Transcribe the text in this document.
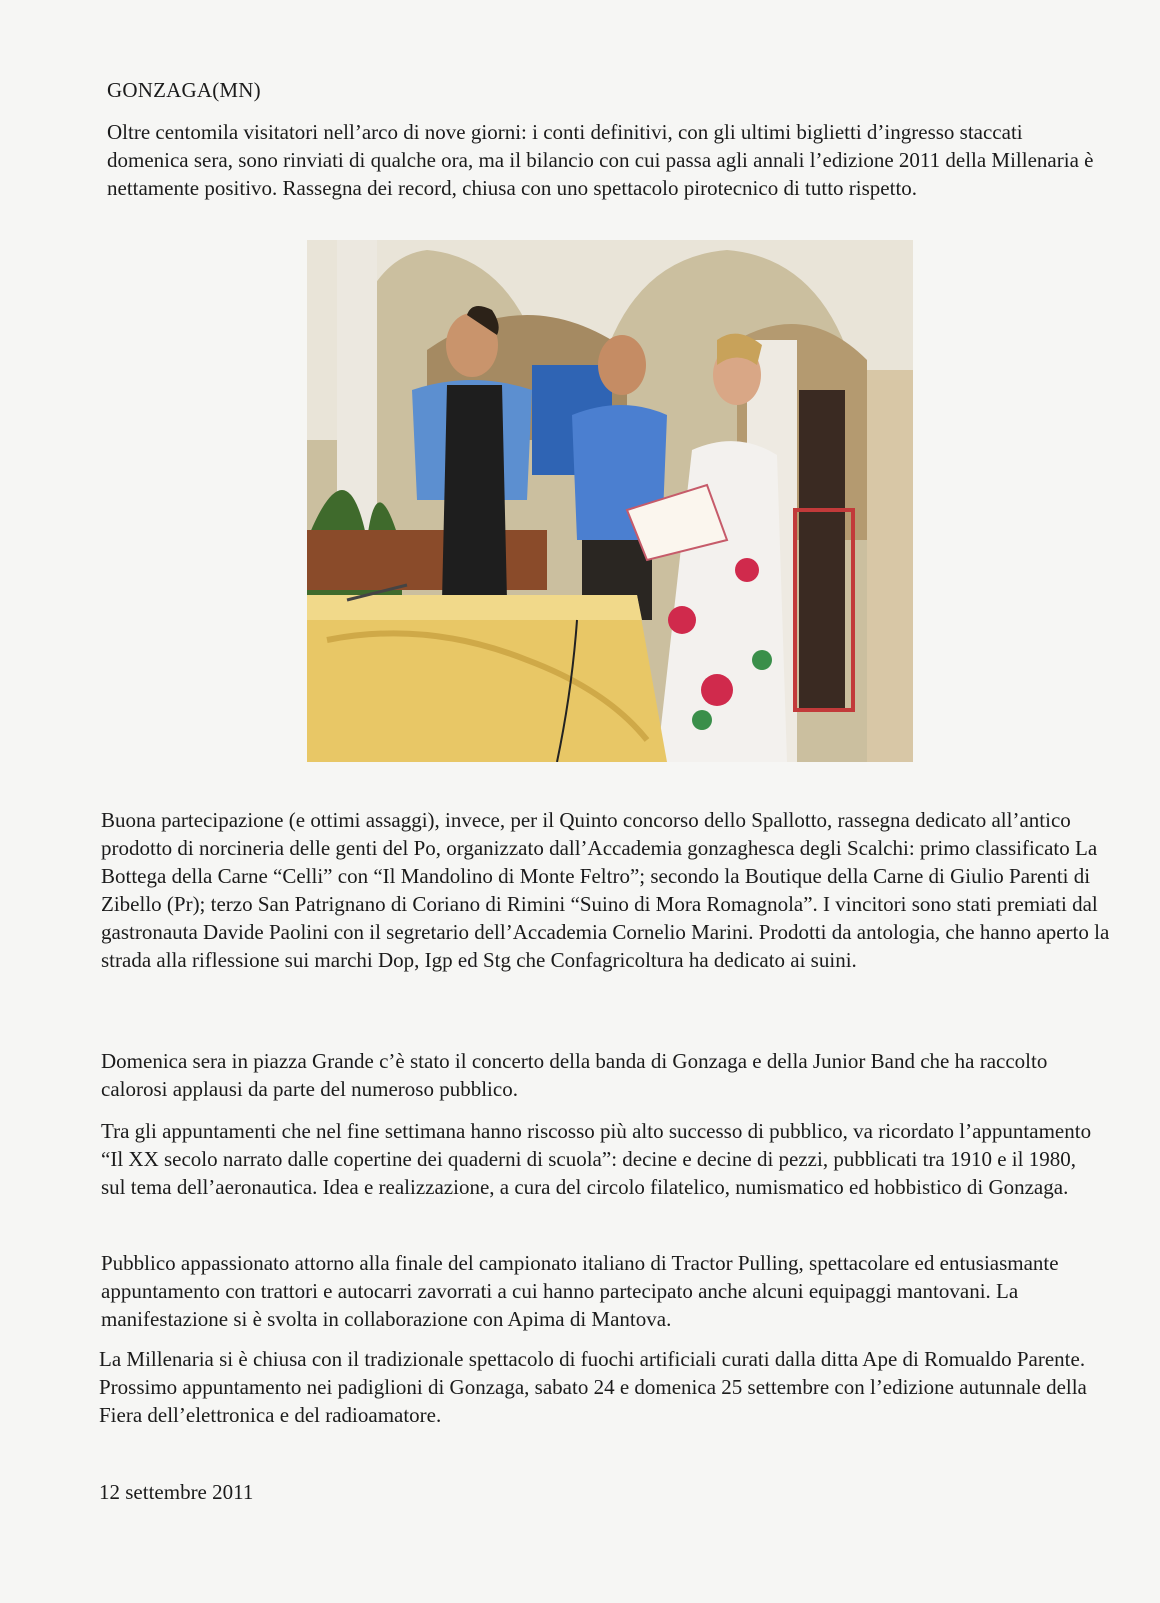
GONZAGA(MN)

Oltre centomila visitatori nell’arco di nove giorni: i conti definitivi, con gli ultimi biglietti d’ingresso staccati domenica sera, sono rinviati di qualche ora, ma il bilancio con cui passa agli annali l’edizione 2011 della Millenaria è nettamente positivo. Rassegna dei record, chiusa con uno spettacolo pirotecnico di tutto rispetto.

Buona partecipazione (e ottimi assaggi), invece, per il Quinto concorso dello Spallotto, rassegna dedicato all’antico prodotto di norcineria delle genti del Po, organizzato dall’Accademia gonzaghesca degli Scalchi: primo classificato La Bottega della Carne “Celli” con “Il Mandolino di Monte Feltro”; secondo la Boutique della Carne di Giulio Parenti di Zibello (Pr); terzo San Patrignano di Coriano di Rimini “Suino di Mora Romagnola”. I vincitori sono stati premiati dal gastronauta Davide Paolini con il segretario dell’Accademia Cornelio Marini. Prodotti da antologia, che hanno aperto la strada alla riflessione sui marchi Dop, Igp ed Stg che Confagricoltura ha dedicato ai suini.

Domenica sera in piazza Grande c’è stato il concerto della banda di Gonzaga e della Junior Band che ha raccolto calorosi applausi da parte del numeroso pubblico.

Tra gli appuntamenti che nel fine settimana hanno riscosso più alto successo di pubblico, va ricordato l’appuntamento “Il XX secolo narrato dalle copertine dei quaderni di scuola”: decine e decine di pezzi, pubblicati tra 1910 e il 1980, sul tema dell’aeronautica. Idea e realizzazione, a cura del circolo filatelico, numismatico ed hobbistico di Gonzaga.

Pubblico appassionato attorno alla finale del campionato italiano di Tractor Pulling, spettacolare ed entusiasmante appuntamento con trattori e autocarri zavorrati a cui hanno partecipato anche alcuni equipaggi mantovani. La manifestazione si è svolta in collaborazione con Apima di Mantova.

La Millenaria si è chiusa con il tradizionale spettacolo di fuochi artificiali curati dalla ditta Ape di Romualdo Parente. Prossimo appuntamento nei padiglioni di Gonzaga, sabato 24 e domenica 25 settembre con l’edizione autunnale della Fiera dell’elettronica e del radioamatore.

12 settembre 2011
